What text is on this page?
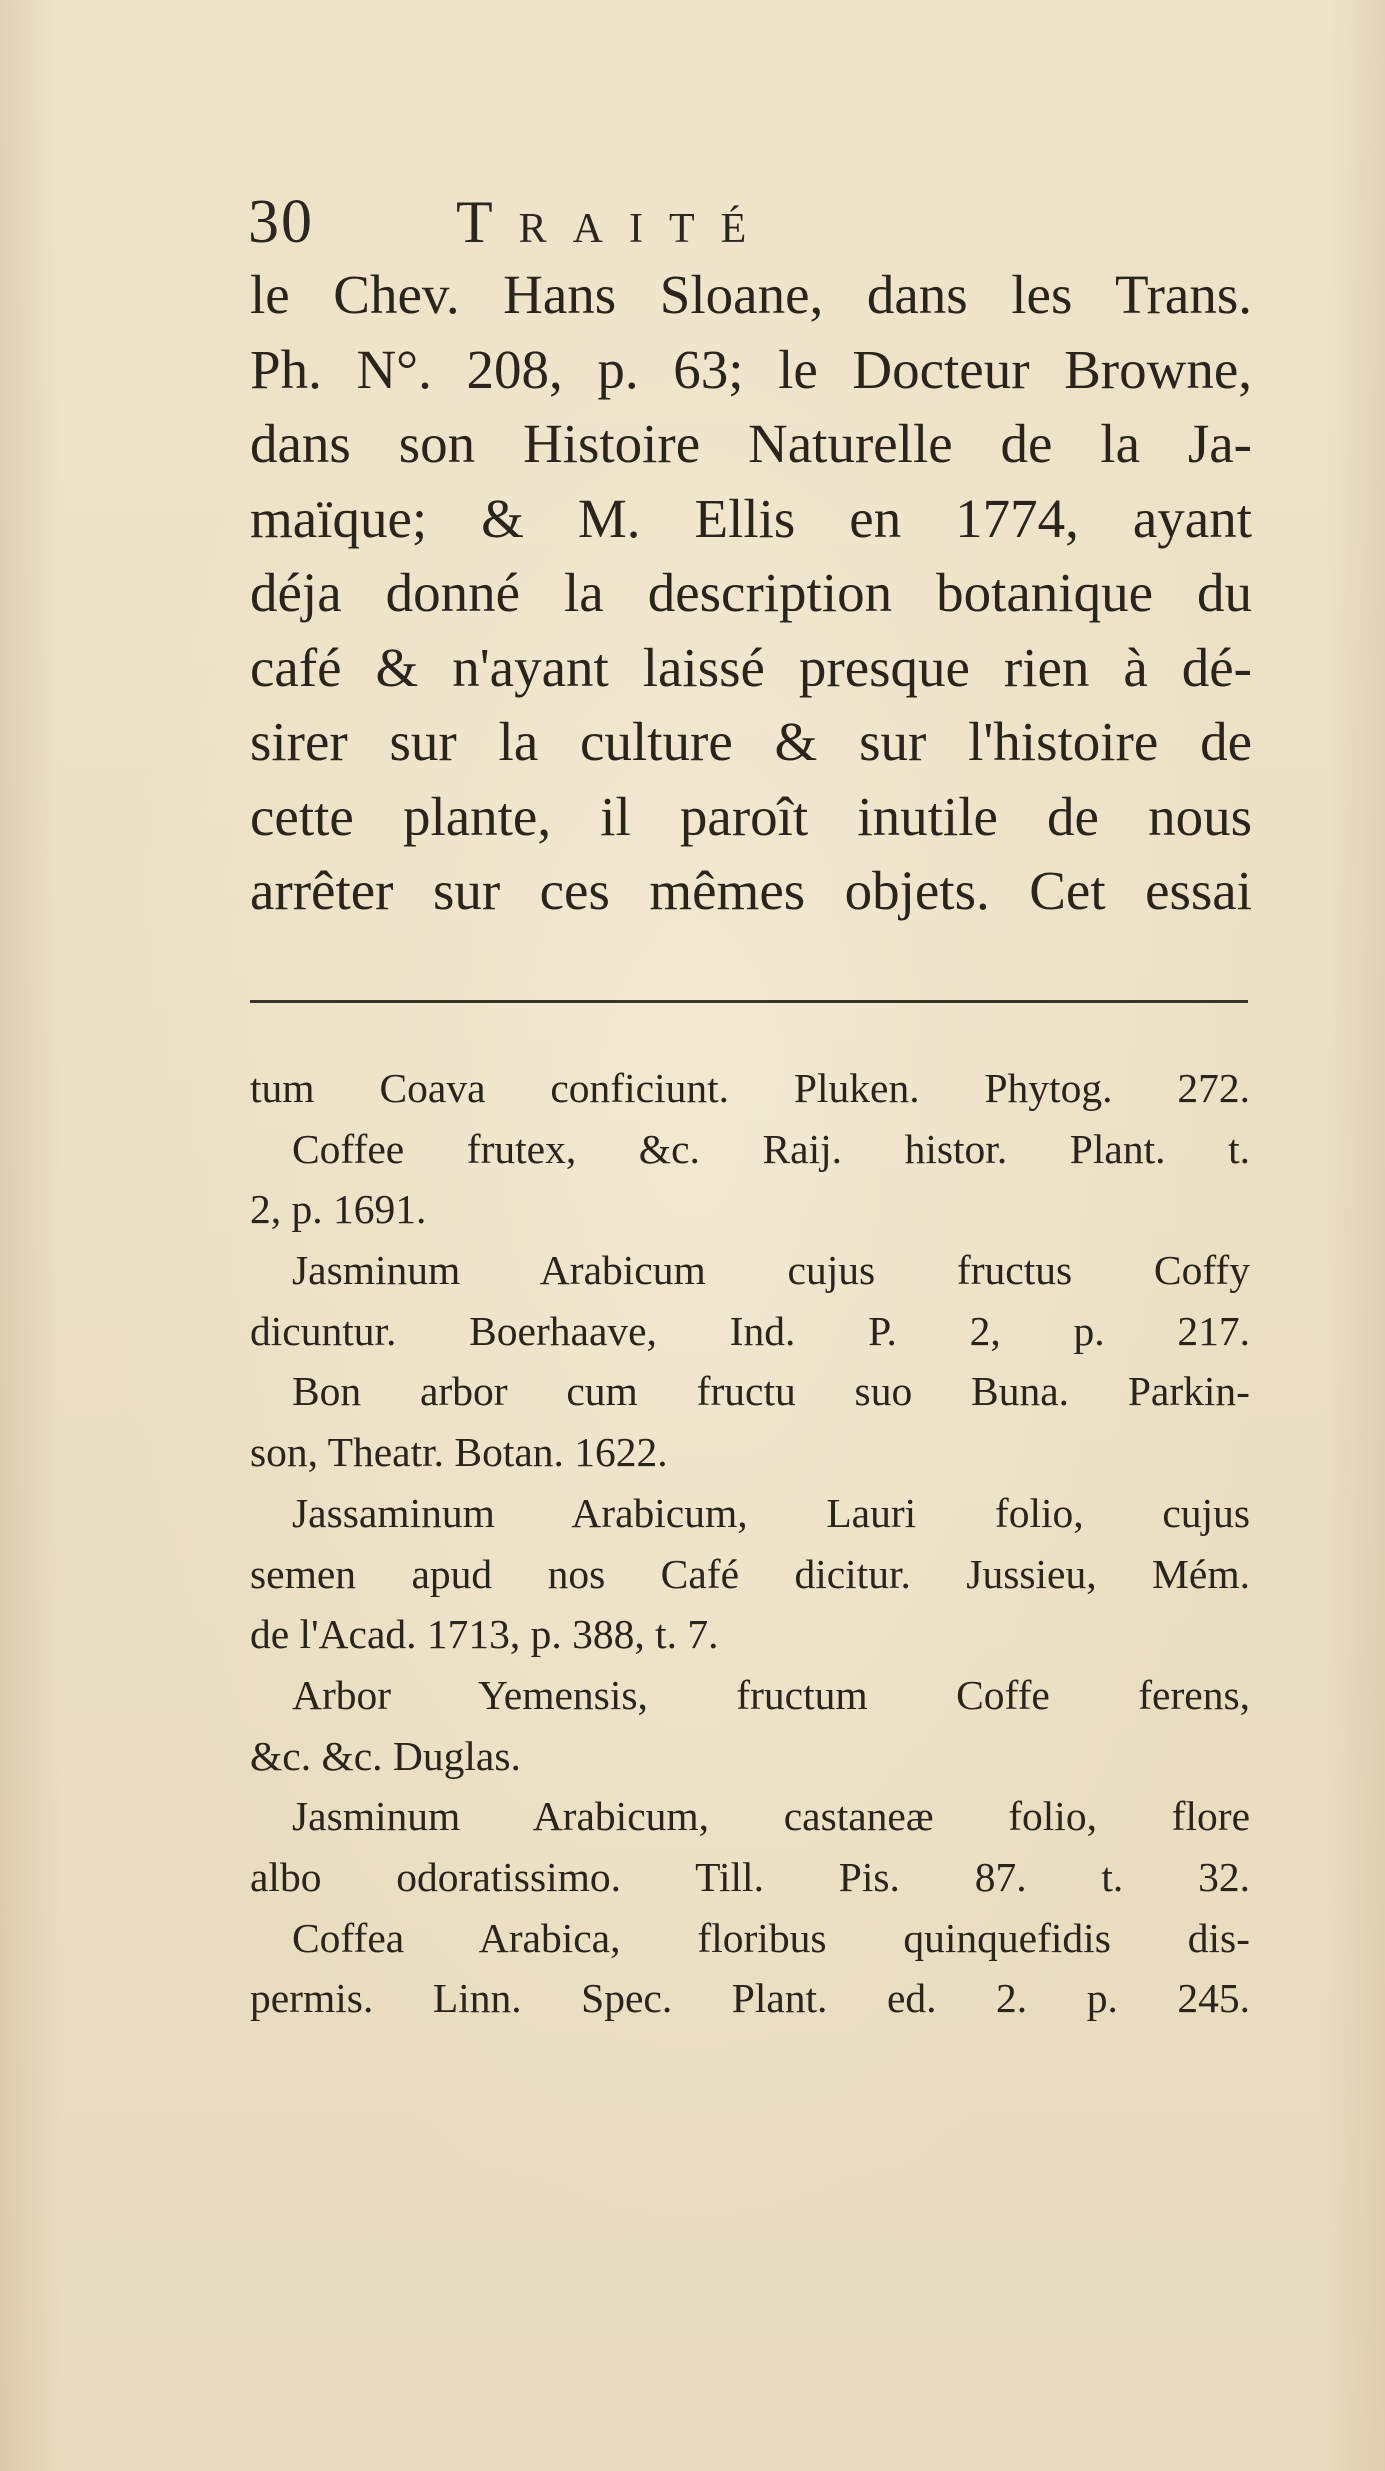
30 Traité
le Chev. Hans Sloane, dans les Trans.
Ph. N°. 208, p. 63; le Docteur Browne,
dans son Histoire Naturelle de la Ja-
maïque; & M. Ellis en 1774, ayant
déja donné la description botanique du
café & n'ayant laissé presque rien à dé-
sirer sur la culture & sur l'histoire de
cette plante, il paroît inutile de nous
arrêter sur ces mêmes objets. Cet essai
tum Coava conficiunt. Pluken. Phytog. 272.
Coffee frutex, &c. Raij. histor. Plant. t.
2, p. 1691.
Jasminum Arabicum cujus fructus Coffy
dicuntur. Boerhaave, Ind. P. 2, p. 217.
Bon arbor cum fructu suo Buna. Parkin-
son, Theatr. Botan. 1622.
Jassaminum Arabicum, Lauri folio, cujus
semen apud nos Café dicitur. Jussieu, Mém.
de l'Acad. 1713, p. 388, t. 7.
Arbor Yemensis, fructum Coffe ferens,
&c. &c. Duglas.
Jasminum Arabicum, castaneæ folio, flore
albo odoratissimo. Till. Pis. 87. t. 32.
Coffea Arabica, floribus quinquefidis dis-
permis. Linn. Spec. Plant. ed. 2. p. 245.
